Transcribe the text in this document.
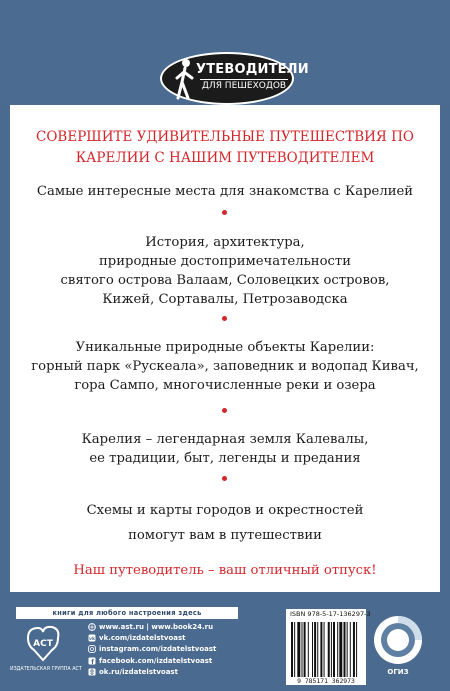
УТЕВОДИТЕЛИ
ДЛЯ ПЕШЕХОДОВ
СОВЕРШИТЕ УДИВИТЕЛЬНЫЕ ПУТЕШЕСТВИЯ ПО
КАРЕЛИИ С НАШИМ ПУТЕВОДИТЕЛЕМ
Самые интересные места для знакомства с Карелией
История, архитектура,
природные достопримечательности
святого острова Валаам, Соловецких островов,
Кижей, Сортавалы, Петрозаводска
Уникальные природные объекты Карелии:
горный парк «Рускеала», заповедник и водопад Кивач,
гора Сампо, многочисленные реки и озера
Карелия – легендарная земля Калевалы,
ее традиции, быт, легенды и предания
Схемы и карты городов и окрестностей
помогут вам в путешествии
Наш путеводитель – ваш отличный отпуск!
книги для любого настроения здесь
АСТ
ИЗДАТЕЛЬСКАЯ ГРУППА АСТ
www.ast.ru | www.book24.ru
vk vk.com/izdatelstvoast
instagram.com/izdatelstvoast
f facebook.com/izdatelstvoast
ok.ru/izdatelstvoast
ISBN 978-5-17-136297-3
9 785171 362973
ОГИЗ
